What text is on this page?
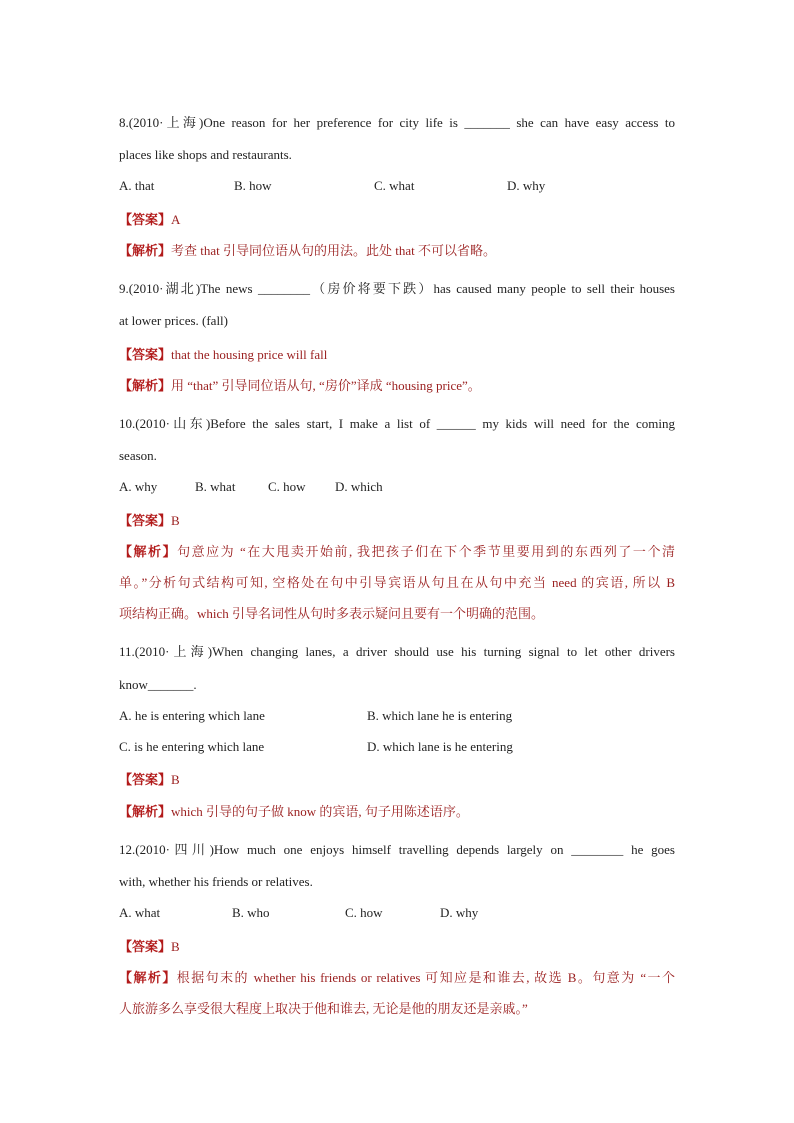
8.(2010·上海)One reason for her preference for city life is _______ she can have easy access to
places like shops and restaurants.
A. that	B. how	C. what	D. why
【答案】A
【解析】考查 that 引导同位语从句的用法。此处 that 不可以省略。
9.(2010·湖北)The news ________（房价将要下跌）has caused many people to sell their houses
at lower prices. (fall)
【答案】that the housing price will fall
【解析】用 “that” 引导同位语从句, “房价”译成 “housing price”。
10.(2010·山东)Before the sales start, I make a list of ______ my kids will need for the coming
season.
A. why	B. what	C. how D. which
【答案】B
【解析】句意应为 “在大甩卖开始前, 我把孩子们在下个季节里要用到的东西列了一个清
单。”分析句式结构可知, 空格处在句中引导宾语从句且在从句中充当 need 的宾语, 所以 B
项结构正确。which 引导名词性从句时多表示疑问且要有一个明确的范围。
11.(2010·上海)When changing lanes, a driver should use his turning signal to let other drivers
know_______.
A. he is entering which lane	B. which lane he is entering
C. is he entering which lane	D. which lane is he entering
【答案】B
【解析】which 引导的句子做 know 的宾语, 句子用陈述语序。
12.(2010·四川)How much one enjoys himself travelling depends largely on ________ he goes
with, whether his friends or relatives.
A. what	B. who	C. how	D. why
【答案】B
【解析】根据句末的 whether his friends or relatives 可知应是和谁去, 故选 B。句意为 “一个
人旅游多么享受很大程度上取决于他和谁去, 无论是他的朋友还是亲戚。”
